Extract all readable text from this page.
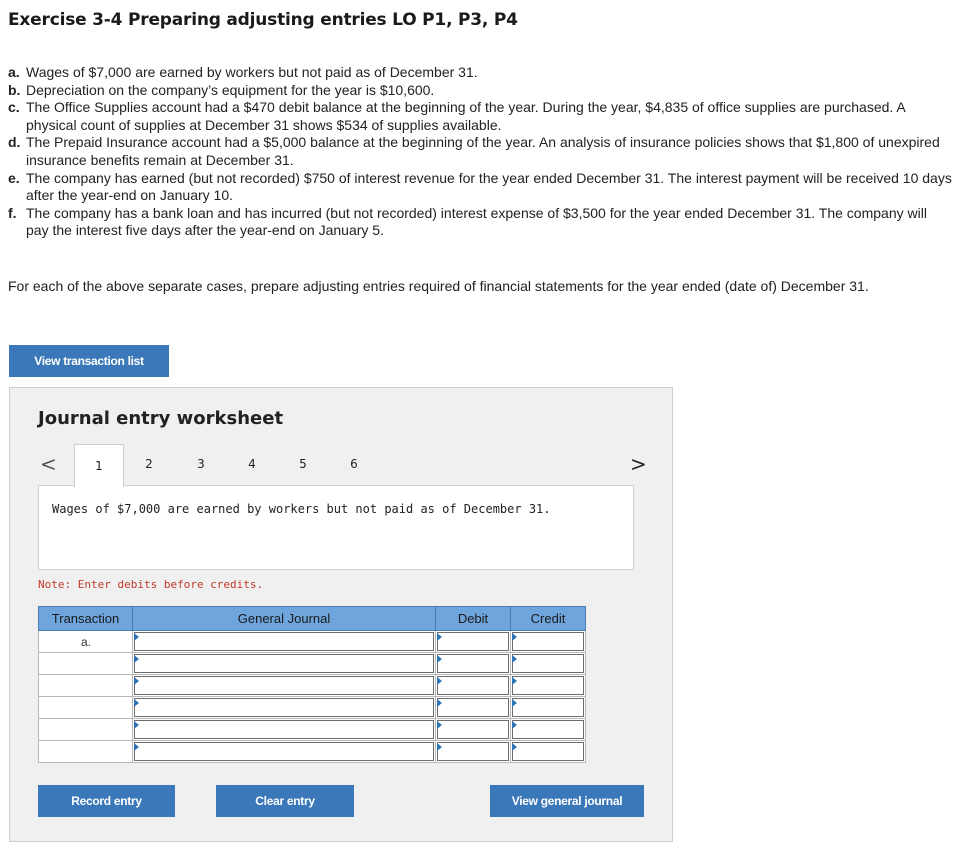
Exercise 3-4 Preparing adjusting entries LO P1, P3, P4
a. Wages of $7,000 are earned by workers but not paid as of December 31.
b. Depreciation on the company’s equipment for the year is $10,600.
c. The Office Supplies account had a $470 debit balance at the beginning of the year. During the year, $4,835 of office supplies are purchased. A physical count of supplies at December 31 shows $534 of supplies available.
d. The Prepaid Insurance account had a $5,000 balance at the beginning of the year. An analysis of insurance policies shows that $1,800 of unexpired insurance benefits remain at December 31.
e. The company has earned (but not recorded) $750 of interest revenue for the year ended December 31. The interest payment will be received 10 days after the year-end on January 10.
f. The company has a bank loan and has incurred (but not recorded) interest expense of $3,500 for the year ended December 31. The company will pay the interest five days after the year-end on January 5.
For each of the above separate cases, prepare adjusting entries required of financial statements for the year ended (date of) December 31.
View transaction list
Journal entry worksheet
<	>
1	2	3	4	5	6
Wages of $7,000 are earned by workers but not paid as of December 31.
Note: Enter debits before credits.
Transaction	General Journal	Debit	Credit
a.	

Record entry	Clear entry	View general journal
